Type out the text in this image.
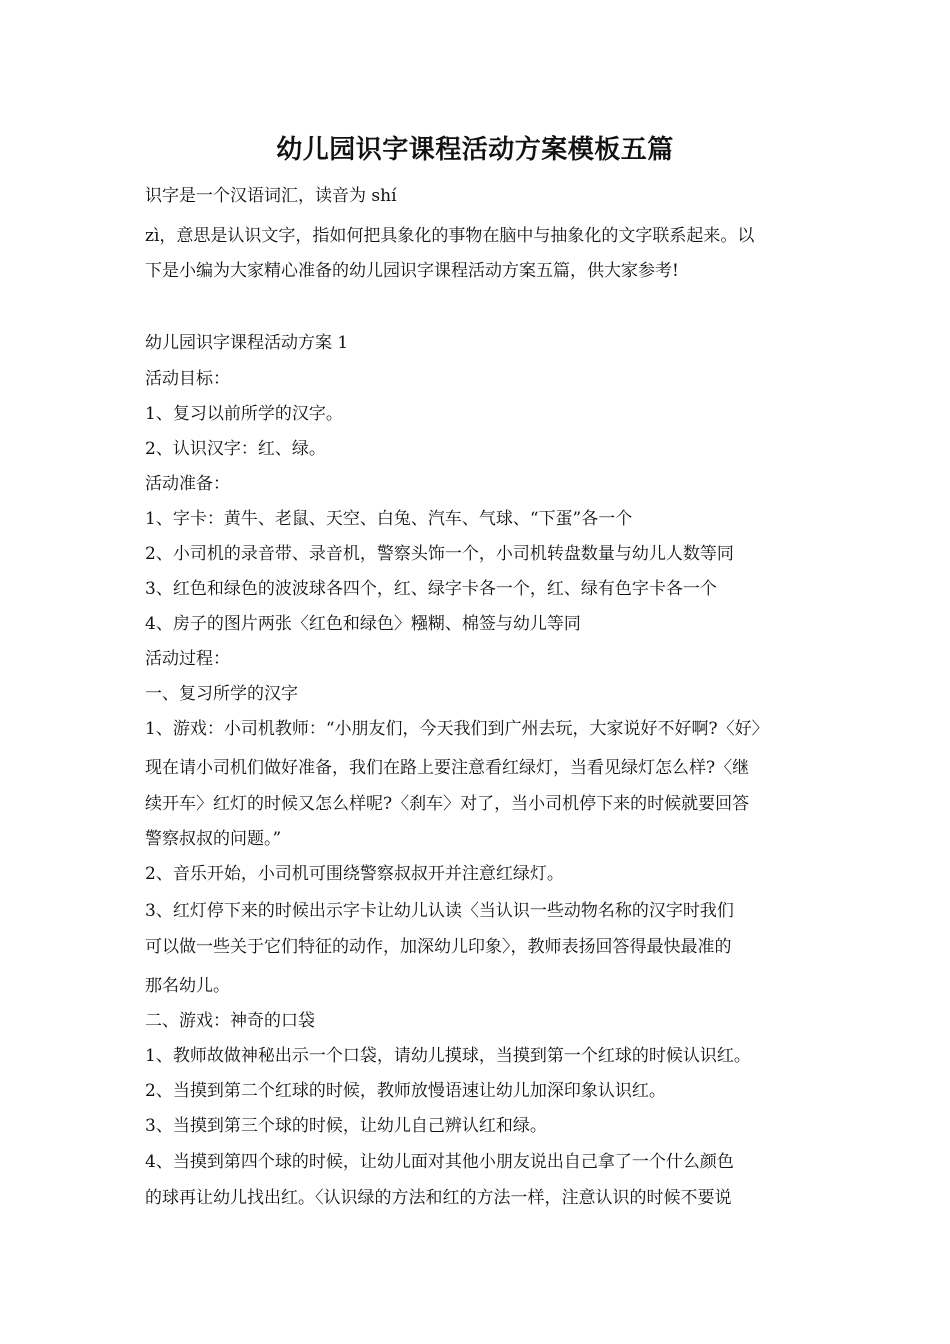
幼儿园识字课程活动方案模板五篇
识字是一个汉语词汇，读音为 shí
zì，意思是认识文字，指如何把具象化的事物在脑中与抽象化的文字联系起来。以
下是小编为大家精心准备的幼儿园识字课程活动方案五篇，供大家参考!
幼儿园识字课程活动方案 1
活动目标：
1、复习以前所学的汉字。
2、认识汉字：红、绿。
活动准备：
1、字卡：黄牛、老鼠、天空、白兔、汽车、气球、“下蛋”各一个
2、小司机的录音带、录音机，警察头饰一个，小司机转盘数量与幼儿人数等同
3、红色和绿色的波波球各四个，红、绿字卡各一个，红、绿有色字卡各一个
4、房子的图片两张〈红色和绿色〉糨糊、棉签与幼儿等同
活动过程：
一、复习所学的汉字
1、游戏：小司机教师：“小朋友们，今天我们到广州去玩，大家说好不好啊?〈好〉
现在请小司机们做好准备，我们在路上要注意看红绿灯，当看见绿灯怎么样?〈继
续开车〉红灯的时候又怎么样呢?〈刹车〉对了，当小司机停下来的时候就要回答
警察叔叔的问题。”
2、音乐开始，小司机可围绕警察叔叔开并注意红绿灯。
3、红灯停下来的时候出示字卡让幼儿认读〈当认识一些动物名称的汉字时我们
可以做一些关于它们特征的动作，加深幼儿印象〉，教师表扬回答得最快最准的
那名幼儿。
二、游戏：神奇的口袋
1、教师故做神秘出示一个口袋，请幼儿摸球，当摸到第一个红球的时候认识红。
2、当摸到第二个红球的时候，教师放慢语速让幼儿加深印象认识红。
3、当摸到第三个球的时候，让幼儿自己辨认红和绿。
4、当摸到第四个球的时候，让幼儿面对其他小朋友说出自己拿了一个什么颜色
的球再让幼儿找出红。〈认识绿的方法和红的方法一样，注意认识的时候不要说
